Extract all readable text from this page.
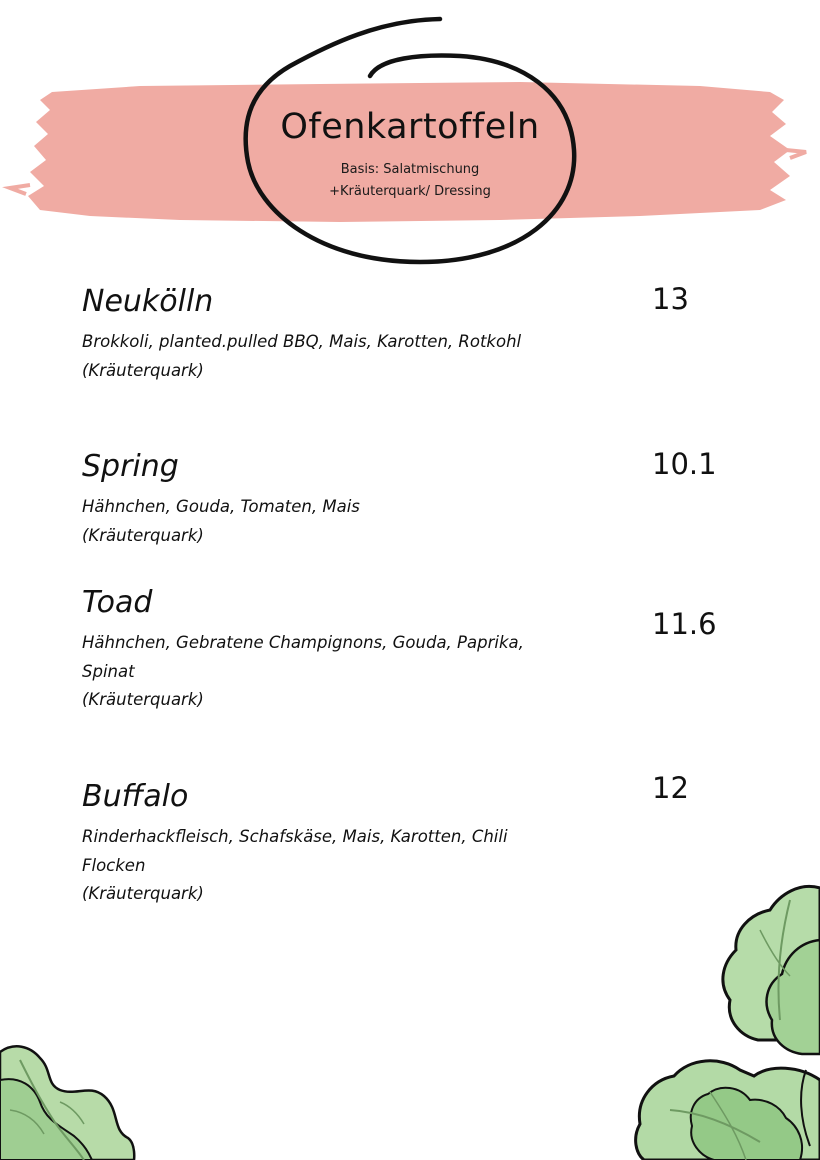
Ofenkartoffeln
Basis: Salatmischung
+Kräuterquark/ Dressing
Neukölln

Brokkoli, planted.pulled BBQ, Mais, Karotten, Rotkohl
(Kräuterquark)

13
Spring

Hähnchen, Gouda, Tomaten, Mais
(Kräuterquark)

10.1
Toad

Hähnchen, Gebratene Champignons, Gouda, Paprika, Spinat
(Kräuterquark)

11.6
Buffalo

Rinderhackfleisch, Schafskäse, Mais, Karotten, Chili Flocken
(Kräuterquark)

12
